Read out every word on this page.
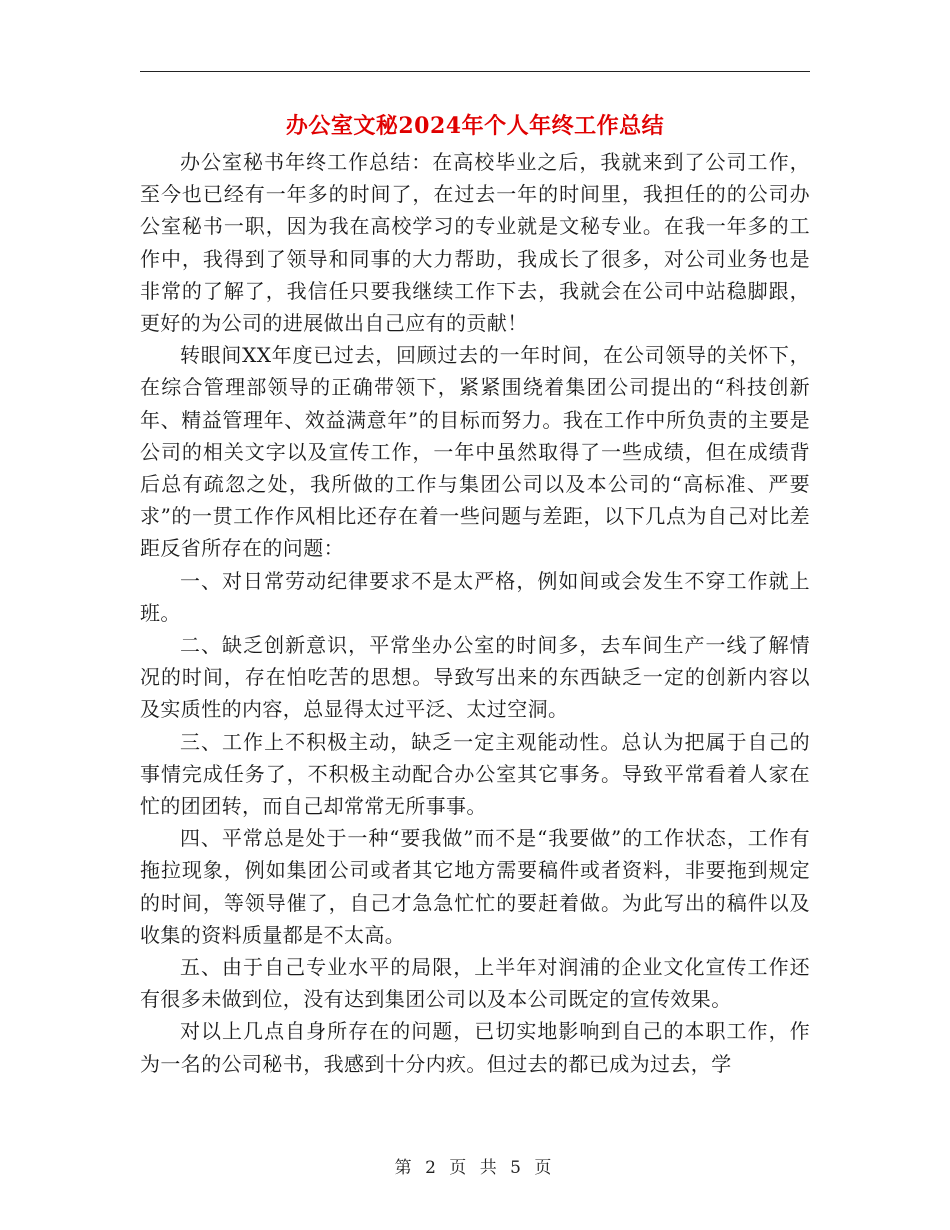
办公室文秘2024年个人年终工作总结

办公室秘书年终工作总结：在高校毕业之后，我就来到了公司工作，至今也已经有一年多的时间了，在过去一年的时间里，我担任的的公司办公室秘书一职，因为我在高校学习的专业就是文秘专业。在我一年多的工作中，我得到了领导和同事的大力帮助，我成长了很多，对公司业务也是非常的了解了，我信任只要我继续工作下去，我就会在公司中站稳脚跟，更好的为公司的进展做出自己应有的贡献！

转眼间XX年度已过去，回顾过去的一年时间，在公司领导的关怀下，在综合管理部领导的正确带领下，紧紧围绕着集团公司提出的“科技创新年、精益管理年、效益满意年”的目标而努力。我在工作中所负责的主要是公司的相关文字以及宣传工作，一年中虽然取得了一些成绩，但在成绩背后总有疏忽之处，我所做的工作与集团公司以及本公司的“高标准、严要求”的一贯工作作风相比还存在着一些问题与差距，以下几点为自己对比差距反省所存在的问题：

一、对日常劳动纪律要求不是太严格，例如间或会发生不穿工作就上班。

二、缺乏创新意识，平常坐办公室的时间多，去车间生产一线了解情况的时间，存在怕吃苦的思想。导致写出来的东西缺乏一定的创新内容以及实质性的内容，总显得太过平泛、太过空洞。

三、工作上不积极主动，缺乏一定主观能动性。总认为把属于自己的事情完成任务了，不积极主动配合办公室其它事务。导致平常看着人家在忙的团团转，而自己却常常无所事事。

四、平常总是处于一种“要我做”而不是“我要做”的工作状态，工作有拖拉现象，例如集团公司或者其它地方需要稿件或者资料，非要拖到规定的时间，等领导催了，自己才急急忙忙的要赶着做。为此写出的稿件以及收集的资料质量都是不太高。

五、由于自己专业水平的局限，上半年对润浦的企业文化宣传工作还有很多未做到位，没有达到集团公司以及本公司既定的宣传效果。

对以上几点自身所存在的问题，已切实地影响到自己的本职工作，作为一名的公司秘书，我感到十分内疚。但过去的都已成为过去，学

第 2 页 共 5 页
